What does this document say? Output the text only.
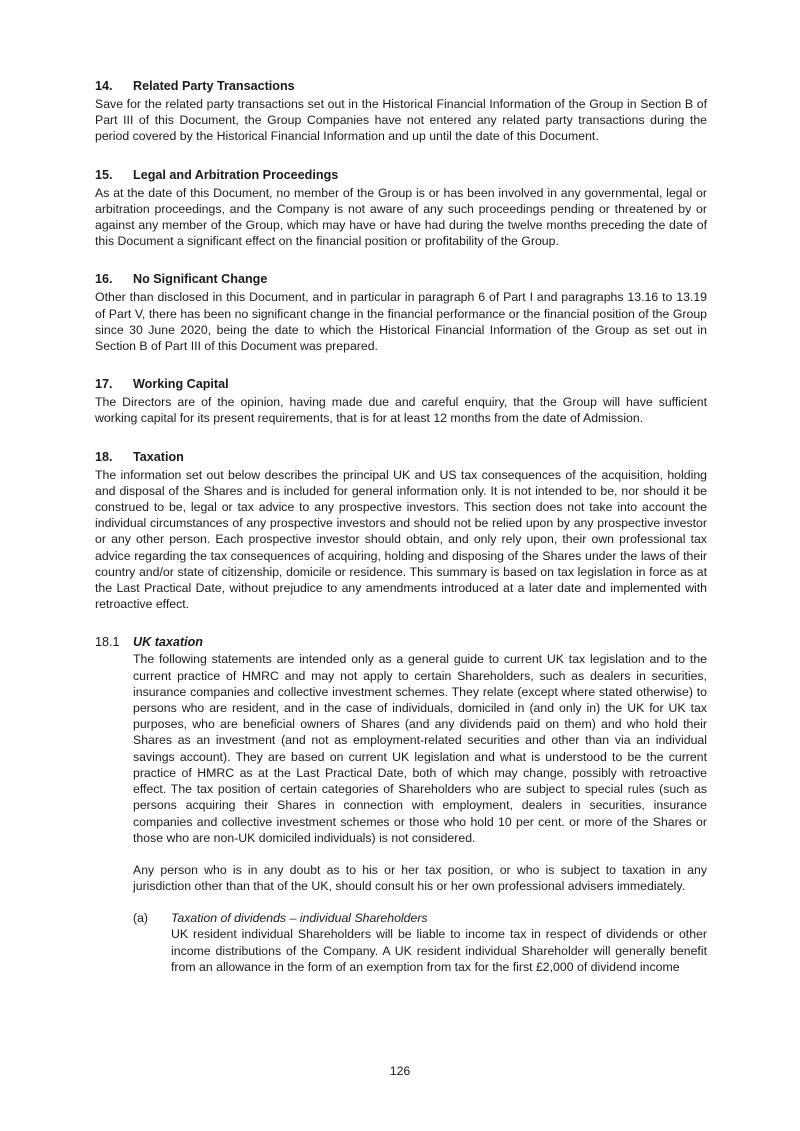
14.	Related Party Transactions

Save for the related party transactions set out in the Historical Financial Information of the Group in Section B of Part III of this Document, the Group Companies have not entered any related party transactions during the period covered by the Historical Financial Information and up until the date of this Document.

15.	Legal and Arbitration Proceedings

As at the date of this Document, no member of the Group is or has been involved in any governmental, legal or arbitration proceedings, and the Company is not aware of any such proceedings pending or threatened by or against any member of the Group, which may have or have had during the twelve months preceding the date of this Document a significant effect on the financial position or profitability of the Group.

16.	No Significant Change

Other than disclosed in this Document, and in particular in paragraph 6 of Part I and paragraphs 13.16 to 13.19 of Part V, there has been no significant change in the financial performance or the financial position of the Group since 30 June 2020, being the date to which the Historical Financial Information of the Group as set out in Section B of Part III of this Document was prepared.

17.	Working Capital

The Directors are of the opinion, having made due and careful enquiry, that the Group will have sufficient working capital for its present requirements, that is for at least 12 months from the date of Admission.

18.	Taxation

The information set out below describes the principal UK and US tax consequences of the acquisition, holding and disposal of the Shares and is included for general information only. It is not intended to be, nor should it be construed to be, legal or tax advice to any prospective investors. This section does not take into account the individual circumstances of any prospective investors and should not be relied upon by any prospective investor or any other person. Each prospective investor should obtain, and only rely upon, their own professional tax advice regarding the tax consequences of acquiring, holding and disposing of the Shares under the laws of their country and/or state of citizenship, domicile or residence. This summary is based on tax legislation in force as at the Last Practical Date, without prejudice to any amendments introduced at a later date and implemented with retroactive effect.

18.1	UK taxation

The following statements are intended only as a general guide to current UK tax legislation and to the current practice of HMRC and may not apply to certain Shareholders, such as dealers in securities, insurance companies and collective investment schemes. They relate (except where stated otherwise) to persons who are resident, and in the case of individuals, domiciled in (and only in) the UK for UK tax purposes, who are beneficial owners of Shares (and any dividends paid on them) and who hold their Shares as an investment (and not as employment-related securities and other than via an individual savings account). They are based on current UK legislation and what is understood to be the current practice of HMRC as at the Last Practical Date, both of which may change, possibly with retroactive effect. The tax position of certain categories of Shareholders who are subject to special rules (such as persons acquiring their Shares in connection with employment, dealers in securities, insurance companies and collective investment schemes or those who hold 10 per cent. or more of the Shares or those who are non-UK domiciled individuals) is not considered.

Any person who is in any doubt as to his or her tax position, or who is subject to taxation in any jurisdiction other than that of the UK, should consult his or her own professional advisers immediately.

(a)	Taxation of dividends – individual Shareholders

UK resident individual Shareholders will be liable to income tax in respect of dividends or other income distributions of the Company. A UK resident individual Shareholder will generally benefit from an allowance in the form of an exemption from tax for the first £2,000 of dividend income

126
